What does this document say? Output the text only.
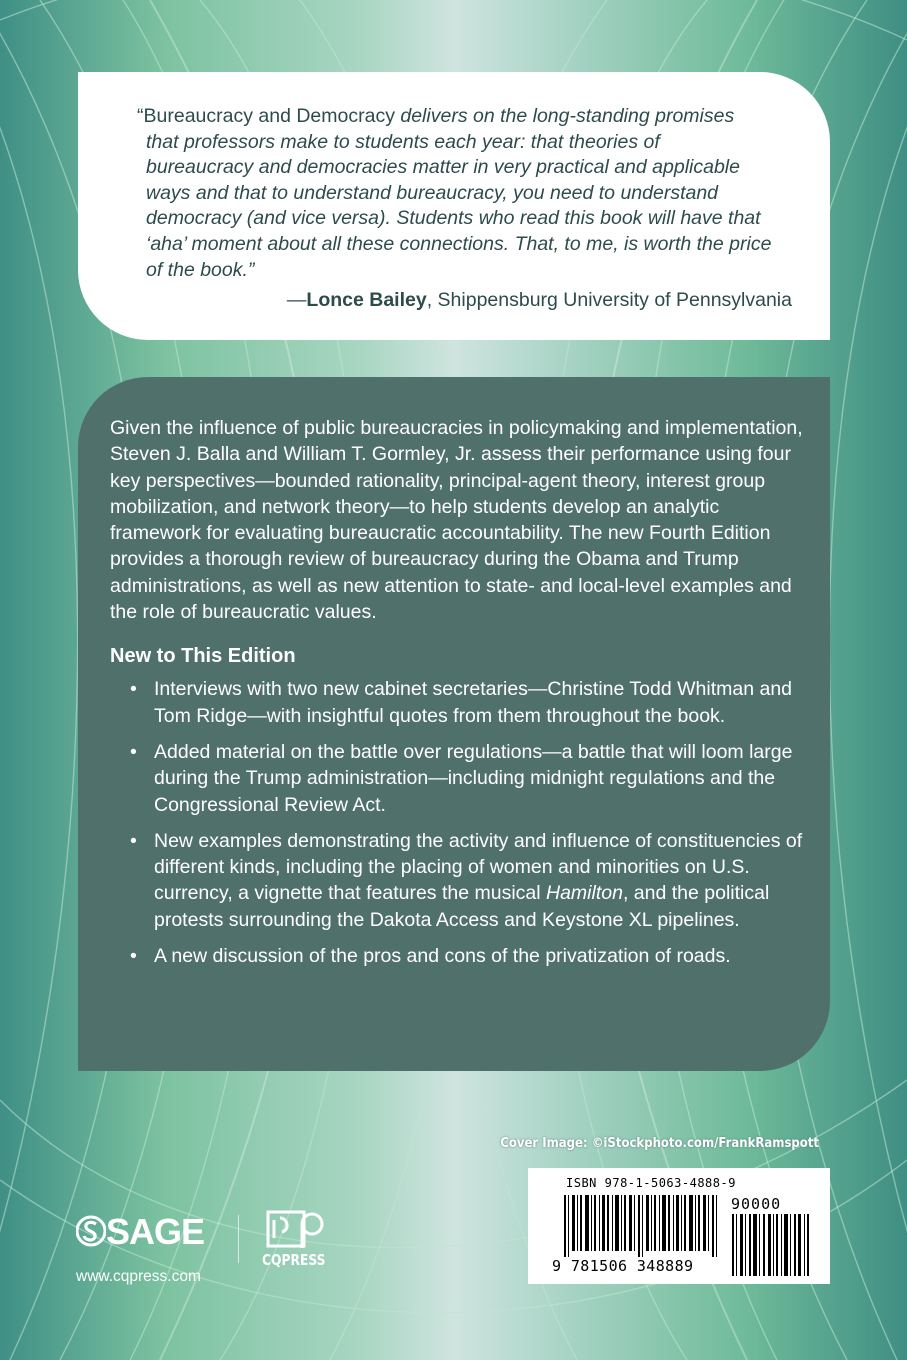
“Bureaucracy and Democracy delivers on the long-standing promises that professors make to students each year: that theories of bureaucracy and democracies matter in very practical and applicable ways and that to understand bureaucracy, you need to understand democracy (and vice versa). Students who read this book will have that ‘aha’ moment about all these connections. That, to me, is worth the price of the book.”

—Lonce Bailey, Shippensburg University of Pennsylvania

Given the influence of public bureaucracies in policymaking and implementation, Steven J. Balla and William T. Gormley, Jr. assess their performance using four key perspectives—bounded rationality, principal-agent theory, interest group mobilization, and network theory—to help students develop an analytic framework for evaluating bureaucratic accountability. The new Fourth Edition provides a thorough review of bureaucracy during the Obama and Trump administrations, as well as new attention to state- and local-level examples and the role of bureaucratic values.

New to This Edition
• Interviews with two new cabinet secretaries—Christine Todd Whitman and Tom Ridge—with insightful quotes from them throughout the book.
• Added material on the battle over regulations—a battle that will loom large during the Trump administration—including midnight regulations and the Congressional Review Act.
• New examples demonstrating the activity and influence of constituencies of different kinds, including the placing of women and minorities on U.S. currency, a vignette that features the musical Hamilton, and the political protests surrounding the Dakota Access and Keystone XL pipelines.
• A new discussion of the pros and cons of the privatization of roads.
Cover Image: ©iStockphoto.com/FrankRamspott
ISBN 978-1-5063-4888-9
90000
9 781506 348889
SAGE
CQPRESS
www.cqpress.com
